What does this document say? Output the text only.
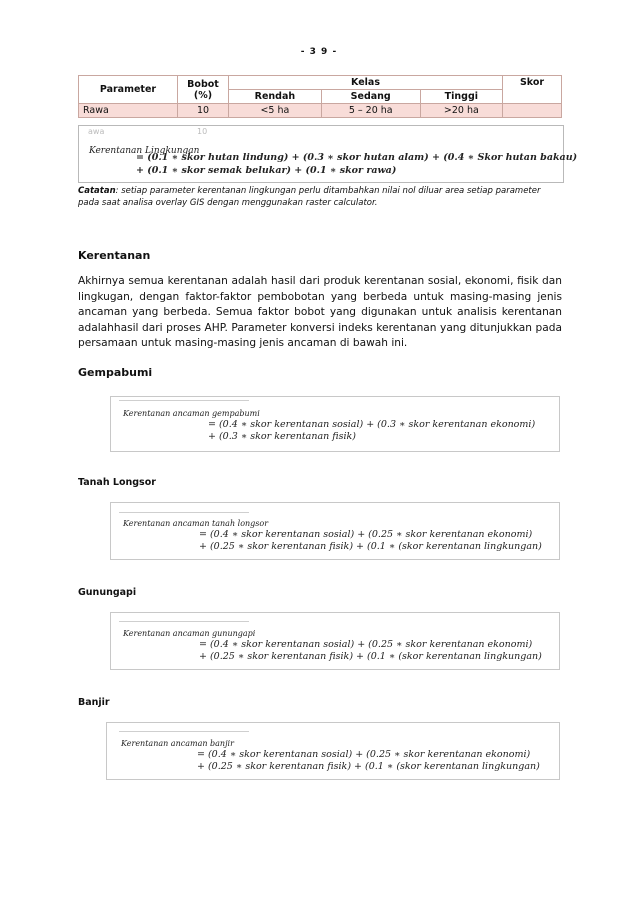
- 3 9 -
Parameter	Bobot (%)	Kelas			Skor
		Rendah	Sedang	Tinggi	
Rawa	10	<5 ha	5 – 20 ha	>20 ha	
awa	10
Kerentanan Lingkungan
= (0.1 ∗ skor hutan lindung) + (0.3 ∗ skor hutan alam) + (0.4 ∗ Skor hutan bakau)
+ (0.1 ∗ skor semak belukar) + (0.1 ∗ skor rawa)
Catatan: setiap parameter kerentanan lingkungan perlu ditambahkan nilai nol diluar area setiap parameter pada saat analisa overlay GIS dengan menggunakan raster calculator.
Kerentanan
Akhirnya semua kerentanan adalah hasil dari produk kerentanan sosial, ekonomi, fisik dan lingkugan, dengan faktor-faktor pembobotan yang berbeda untuk masing-masing jenis ancaman yang berbeda. Semua faktor bobot yang digunakan untuk analisis kerentanan adalahhasil dari proses AHP. Parameter konversi indeks kerentanan yang ditunjukkan pada persamaan untuk masing-masing jenis ancaman di bawah ini.
Gempabumi
Kerentanan ancaman gempabumi
= (0.4 ∗ skor kerentanan sosial) + (0.3 ∗ skor kerentanan ekonomi)
+ (0.3 ∗ skor kerentanan fisik)
Tanah Longsor
Kerentanan ancaman tanah longsor
= (0.4 ∗ skor kerentanan sosial) + (0.25 ∗ skor kerentanan ekonomi)
+ (0.25 ∗ skor kerentanan fisik) + (0.1 ∗ (skor kerentanan lingkungan)
Gunungapi
Kerentanan ancaman gunungapi
= (0.4 ∗ skor kerentanan sosial) + (0.25 ∗ skor kerentanan ekonomi)
+ (0.25 ∗ skor kerentanan fisik) + (0.1 ∗ (skor kerentanan lingkungan)
Banjir
Kerentanan ancaman banjir
= (0.4 ∗ skor kerentanan sosial) + (0.25 ∗ skor kerentanan ekonomi)
+ (0.25 ∗ skor kerentanan fisik) + (0.1 ∗ (skor kerentanan lingkungan)
